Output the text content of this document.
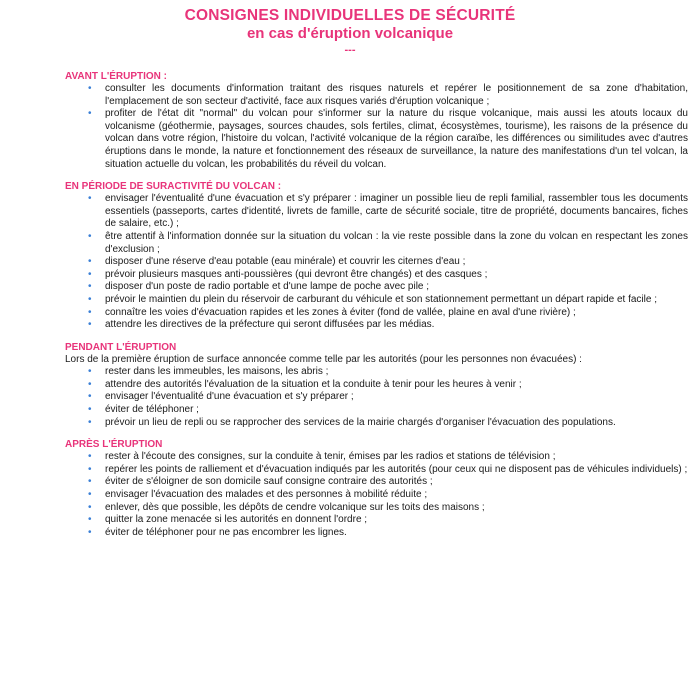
CONSIGNES INDIVIDUELLES DE SÉCURITÉ
en cas d'éruption volcanique
---
AVANT L'ÉRUPTION :
• consulter les documents d'information traitant des risques naturels et repérer le positionnement de sa zone d'habitation, l'emplacement de son secteur d'activité, face aux risques variés d'éruption volcanique ;
• profiter de l'état dit "normal" du volcan pour s'informer sur la nature du risque volcanique, mais aussi les atouts locaux du volcanisme (géothermie, paysages, sources chaudes, sols fertiles, climat, écosystèmes, tourisme), les raisons de la présence du volcan dans votre région, l'histoire du volcan, l'activité volcanique de la région caraïbe, les différences ou similitudes avec d'autres éruptions dans le monde, la nature et fonctionnement des réseaux de surveillance, la nature des manifestations d'un tel volcan, la situation actuelle du volcan, les probabilités du réveil du volcan.
EN PÉRIODE DE SURACTIVITÉ DU VOLCAN :
• envisager l'éventualité d'une évacuation et s'y préparer : imaginer un possible lieu de repli familial, rassembler tous les documents essentiels (passeports, cartes d'identité, livrets de famille, carte de sécurité sociale, titre de propriété, documents bancaires, fiches de salaire, etc.) ;
• être attentif à l'information donnée sur la situation du volcan : la vie reste possible dans la zone du volcan en respectant les zones d'exclusion ;
• disposer d'une réserve d'eau potable (eau minérale) et couvrir les citernes d'eau ;
• prévoir plusieurs masques anti-poussières (qui devront être changés) et des casques ;
• disposer d'un poste de radio portable et d'une lampe de poche avec pile ;
• prévoir le maintien du plein du réservoir de carburant du véhicule et son stationnement permettant un départ rapide et facile ;
• connaître les voies d'évacuation rapides et les zones à éviter (fond de vallée, plaine en aval d'une rivière) ;
• attendre les directives de la préfecture qui seront diffusées par les médias.
PENDANT L'ÉRUPTION
Lors de la première éruption de surface annoncée comme telle par les autorités (pour les personnes non évacuées) :
• rester dans les immeubles, les maisons, les abris ;
• attendre des autorités l'évaluation de la situation et la conduite à tenir pour les heures à venir ;
• envisager l'éventualité d'une évacuation et s'y préparer ;
• éviter de téléphoner ;
• prévoir un lieu de repli ou se rapprocher des services de la mairie chargés d'organiser l'évacuation des populations.
APRÈS L'ÉRUPTION
• rester à l'écoute des consignes, sur la conduite à tenir, émises par les radios et stations de télévision ;
• repérer les points de ralliement et d'évacuation indiqués par les autorités (pour ceux qui ne disposent pas de véhicules individuels) ;
• éviter de s'éloigner de son domicile sauf consigne contraire des autorités ;
• envisager l'évacuation des malades et des personnes à mobilité réduite ;
• enlever, dès que possible, les dépôts de cendre volcanique sur les toits des maisons ;
• quitter la zone menacée si les autorités en donnent l'ordre ;
• éviter de téléphoner pour ne pas encombrer les lignes.
